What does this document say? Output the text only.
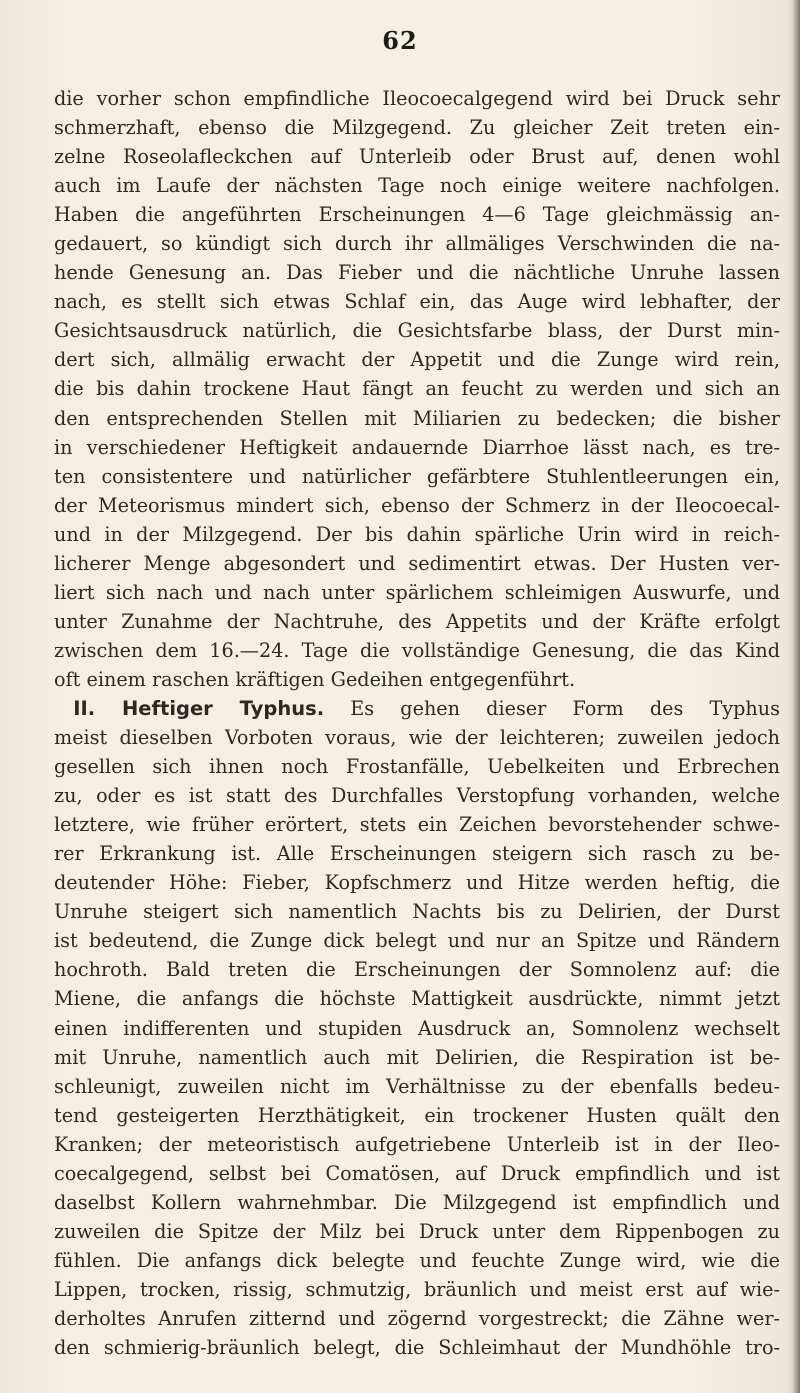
62
die vorher schon empfindliche Ileocoecalgegend wird bei Druck sehr
schmerzhaft, ebenso die Milzgegend. Zu gleicher Zeit treten ein-
zelne Roseolafleckchen auf Unterleib oder Brust auf, denen wohl
auch im Laufe der nächsten Tage noch einige weitere nachfolgen.
Haben die angeführten Erscheinungen 4—6 Tage gleichmässig an-
gedauert, so kündigt sich durch ihr allmäliges Verschwinden die na-
hende Genesung an. Das Fieber und die nächtliche Unruhe lassen
nach, es stellt sich etwas Schlaf ein, das Auge wird lebhafter, der
Gesichtsausdruck natürlich, die Gesichtsfarbe blass, der Durst min-
dert sich, allmälig erwacht der Appetit und die Zunge wird rein,
die bis dahin trockene Haut fängt an feucht zu werden und sich an
den entsprechenden Stellen mit Miliarien zu bedecken; die bisher
in verschiedener Heftigkeit andauernde Diarrhoe lässt nach, es tre-
ten consistentere und natürlicher gefärbtere Stuhlentleerungen ein,
der Meteorismus mindert sich, ebenso der Schmerz in der Ileocoecal-
und in der Milzgegend. Der bis dahin spärliche Urin wird in reich-
licherer Menge abgesondert und sedimentirt etwas. Der Husten ver-
liert sich nach und nach unter spärlichem schleimigen Auswurfe, und
unter Zunahme der Nachtruhe, des Appetits und der Kräfte erfolgt
zwischen dem 16.—24. Tage die vollständige Genesung, die das Kind
oft einem raschen kräftigen Gedeihen entgegenführt.
 II. Heftiger Typhus. Es gehen dieser Form des Typhus
meist dieselben Vorboten voraus, wie der leichteren; zuweilen jedoch
gesellen sich ihnen noch Frostanfälle, Uebelkeiten und Erbrechen
zu, oder es ist statt des Durchfalles Verstopfung vorhanden, welche
letztere, wie früher erörtert, stets ein Zeichen bevorstehender schwe-
rer Erkrankung ist. Alle Erscheinungen steigern sich rasch zu be-
deutender Höhe: Fieber, Kopfschmerz und Hitze werden heftig, die
Unruhe steigert sich namentlich Nachts bis zu Delirien, der Durst
ist bedeutend, die Zunge dick belegt und nur an Spitze und Rändern
hochroth. Bald treten die Erscheinungen der Somnolenz auf: die
Miene, die anfangs die höchste Mattigkeit ausdrückte, nimmt jetzt
einen indifferenten und stupiden Ausdruck an, Somnolenz wechselt
mit Unruhe, namentlich auch mit Delirien, die Respiration ist be-
schleunigt, zuweilen nicht im Verhältnisse zu der ebenfalls bedeu-
tend gesteigerten Herzthätigkeit, ein trockener Husten quält den
Kranken; der meteoristisch aufgetriebene Unterleib ist in der Ileo-
coecalgegend, selbst bei Comatösen, auf Druck empfindlich und ist
daselbst Kollern wahrnehmbar. Die Milzgegend ist empfindlich und
zuweilen die Spitze der Milz bei Druck unter dem Rippenbogen zu
fühlen. Die anfangs dick belegte und feuchte Zunge wird, wie die
Lippen, trocken, rissig, schmutzig, bräunlich und meist erst auf wie-
derholtes Anrufen zitternd und zögernd vorgestreckt; die Zähne wer-
den schmierig-bräunlich belegt, die Schleimhaut der Mundhöhle tro-
